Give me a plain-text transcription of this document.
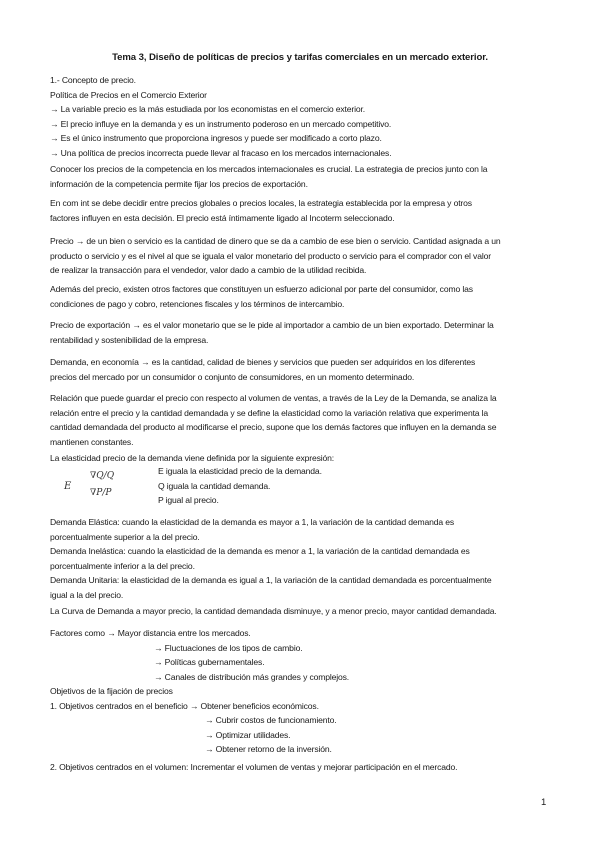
Tema 3, Diseño de políticas de precios y tarifas comerciales en un mercado exterior.
1.- Concepto de precio.
Política de Precios en el Comercio Exterior
→ La variable precio es la más estudiada por los economistas en el comercio exterior.
→ El precio influye en la demanda y es un instrumento poderoso en un mercado competitivo.
→ Es el único instrumento que proporciona ingresos y puede ser modificado a corto plazo.
→ Una política de precios incorrecta puede llevar al fracaso en los mercados internacionales.
Conocer los precios de la competencia en los mercados internacionales es crucial. La estrategia de precios junto con la
información de la competencia permite fijar los precios de exportación.
En com int se debe decidir entre precios globales o precios locales, la estrategia establecida por la empresa y otros
factores influyen en esta decisión. El precio está íntimamente ligado al Incoterm seleccionado.
Precio → de un bien o servicio es la cantidad de dinero que se da a cambio de ese bien o servicio. Cantidad asignada a un
producto o servicio y es el nivel al que se iguala el valor monetario del producto o servicio para el comprador con el valor
de realizar la transacción para el vendedor, valor dado a cambio de la utilidad recibida.
Además del precio, existen otros factores que constituyen un esfuerzo adicional por parte del consumidor, como las
condiciones de pago y cobro, retenciones fiscales y los términos de intercambio.
Precio de exportación → es el valor monetario que se le pide al importador a cambio de un bien exportado. Determinar la
rentabilidad y sostenibilidad de la empresa.
Demanda, en economía → es la cantidad, calidad de bienes y servicios que pueden ser adquiridos en los diferentes
precios del mercado por un consumidor o conjunto de consumidores, en un momento determinado.
Relación que puede guardar el precio con respecto al volumen de ventas, a través de la Ley de la Demanda, se analiza la
relación entre el precio y la cantidad demandada y se define la elasticidad como la variación relativa que experimenta la
cantidad demandada del producto al modificarse el precio, supone que los demás factores que influyen en la demanda se
mantienen constantes.
La elasticidad precio de la demanda viene definida por la siguiente expresión:
E
∇Q/Q
∇P/P
E iguala la elasticidad precio de la demanda.
Q iguala la cantidad demanda.
P igual al precio.
Demanda Elástica: cuando la elasticidad de la demanda es mayor a 1, la variación de la cantidad demanda es
porcentualmente superior a la del precio.
Demanda Inelástica: cuando la elasticidad de la demanda es menor a 1, la variación de la cantidad demandada es
porcentualmente inferior a la del precio.
Demanda Unitaria: la elasticidad de la demanda es igual a 1, la variación de la cantidad demandada es porcentualmente
igual a la del precio.
La Curva de Demanda a mayor precio, la cantidad demandada disminuye, y a menor precio, mayor cantidad demandada.
Factores como → Mayor distancia entre los mercados.
→ Fluctuaciones de los tipos de cambio.
→ Políticas gubernamentales.
→ Canales de distribución más grandes y complejos.
Objetivos de la fijación de precios
1. Objetivos centrados en el beneficio → Obtener beneficios económicos.
→ Cubrir costos de funcionamiento.
→ Optimizar utilidades.
→ Obtener retorno de la inversión.
2. Objetivos centrados en el volumen: Incrementar el volumen de ventas y mejorar participación en el mercado.
1
